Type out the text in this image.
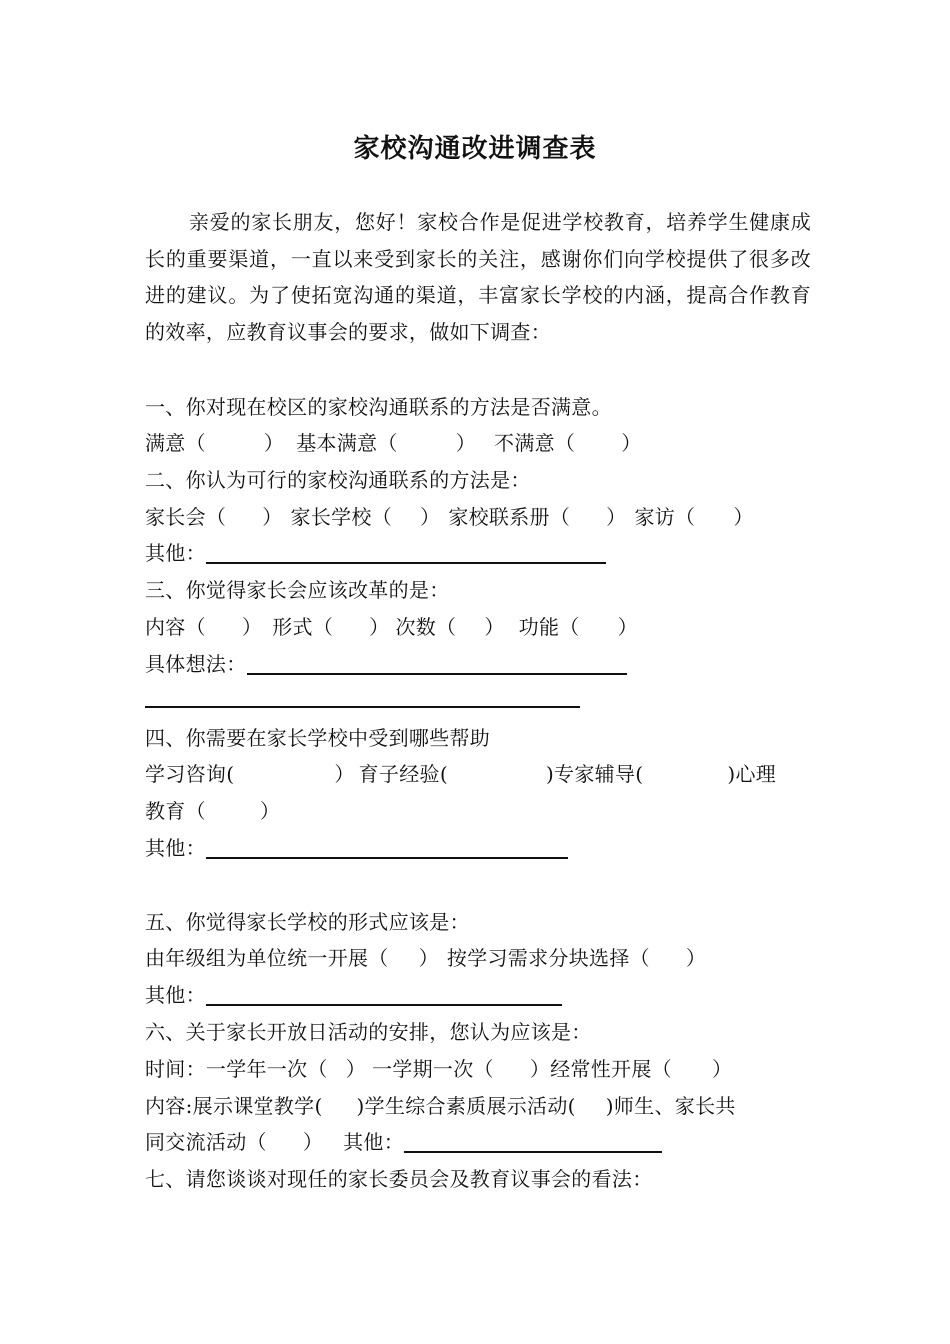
家校沟通改进调查表
亲爱的家长朋友，您好！家校合作是促进学校教育，培养学生健康成长的重要渠道，一直以来受到家长的关注，感谢你们向学校提供了很多改进的建议。为了使拓宽沟通的渠道，丰富家长学校的内涵，提高合作教育的效率，应教育议事会的要求，做如下调查：
一、你对现在校区的家校沟通联系的方法是否满意。
满意（	） 基本满意（	） 不满意（ ）
二、你认为可行的家校沟通联系的方法是：
家长会（ ） 家长学校（ ） 家校联系册（ ） 家访（ ）
其他：
三、你觉得家长会应该改革的是：
内容（ ） 形式（ ） 次数（ ） 功能（ ）
具体想法：
四、你需要在家长学校中受到哪些帮助
学习咨询(	） 育子经验(	)专家辅导(	)心理
教育（	）
其他：
五、你觉得家长学校的形式应该是：
由年级组为单位统一开展（ ） 按学习需求分块选择（ ）
其他：
六、关于家长开放日活动的安排，您认为应该是：
时间：一学年一次（ ） 一学期一次（ ）经常性开展（ ）
内容:展示课堂教学( )学生综合素质展示活动( )师生、家长共
同交流活动（ ） 其他：
七、请您谈谈对现任的家长委员会及教育议事会的看法：
